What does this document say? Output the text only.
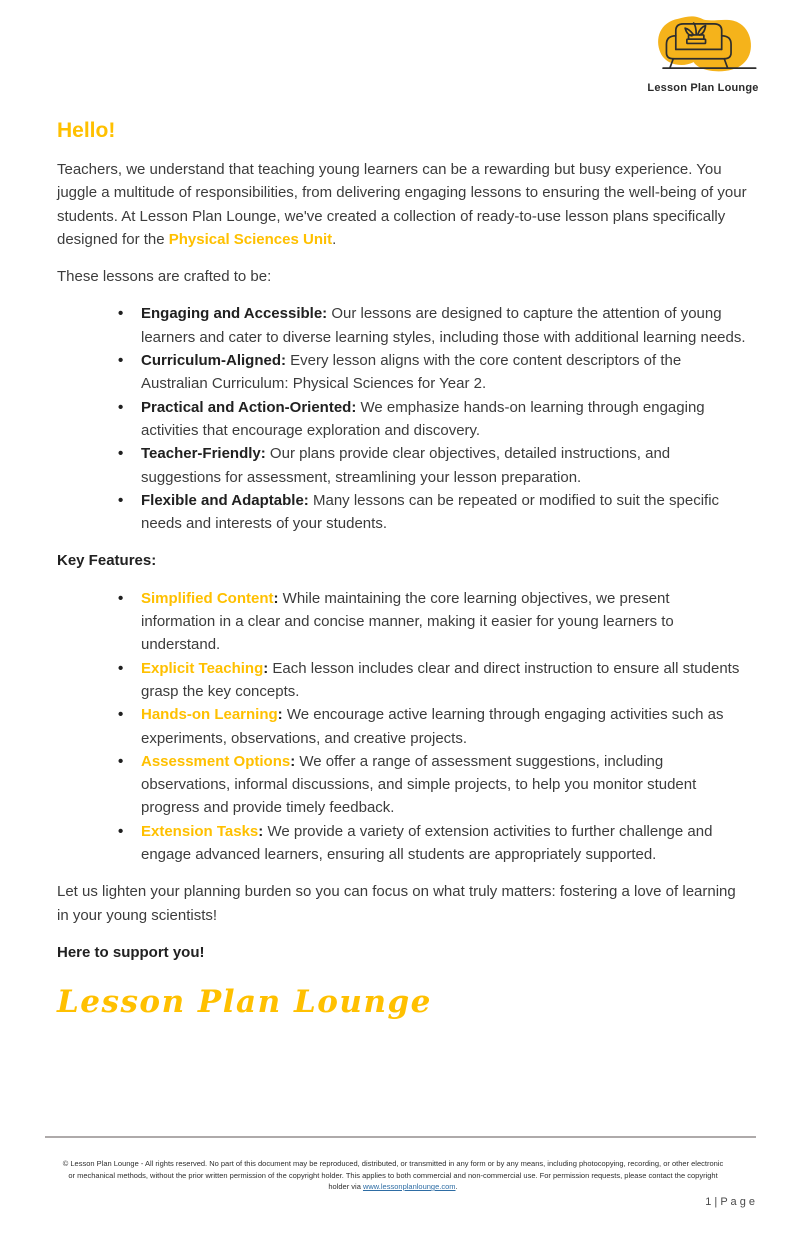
Lesson Plan Lounge
Hello!

Teachers, we understand that teaching young learners can be a rewarding but busy experience. You juggle a multitude of responsibilities, from delivering engaging lessons to ensuring the well-being of your students. At Lesson Plan Lounge, we've created a collection of ready-to-use lesson plans specifically designed for the Physical Sciences Unit.

These lessons are crafted to be:

• Engaging and Accessible: Our lessons are designed to capture the attention of young learners and cater to diverse learning styles, including those with additional learning needs.
• Curriculum-Aligned: Every lesson aligns with the core content descriptors of the Australian Curriculum: Physical Sciences for Year 2.
• Practical and Action-Oriented: We emphasize hands-on learning through engaging activities that encourage exploration and discovery.
• Teacher-Friendly: Our plans provide clear objectives, detailed instructions, and suggestions for assessment, streamlining your lesson preparation.
• Flexible and Adaptable: Many lessons can be repeated or modified to suit the specific needs and interests of your students.

Key Features:

• Simplified Content: While maintaining the core learning objectives, we present information in a clear and concise manner, making it easier for young learners to understand.
• Explicit Teaching: Each lesson includes clear and direct instruction to ensure all students grasp the key concepts.
• Hands-on Learning: We encourage active learning through engaging activities such as experiments, observations, and creative projects.
• Assessment Options: We offer a range of assessment suggestions, including observations, informal discussions, and simple projects, to help you monitor student progress and provide timely feedback.
• Extension Tasks: We provide a variety of extension activities to further challenge and engage advanced learners, ensuring all students are appropriately supported.

Let us lighten your planning burden so you can focus on what truly matters: fostering a love of learning in your young scientists!

Here to support you!

Lesson Plan Lounge
© Lesson Plan Lounge - All rights reserved. No part of this document may be reproduced, distributed, or transmitted in any form or by any means, including photocopying, recording, or other electronic or mechanical methods, without the prior written permission of the copyright holder. This applies to both commercial and non-commercial use. For permission requests, please contact the copyright holder via www.lessonplanlounge.com.
1 | P a g e
